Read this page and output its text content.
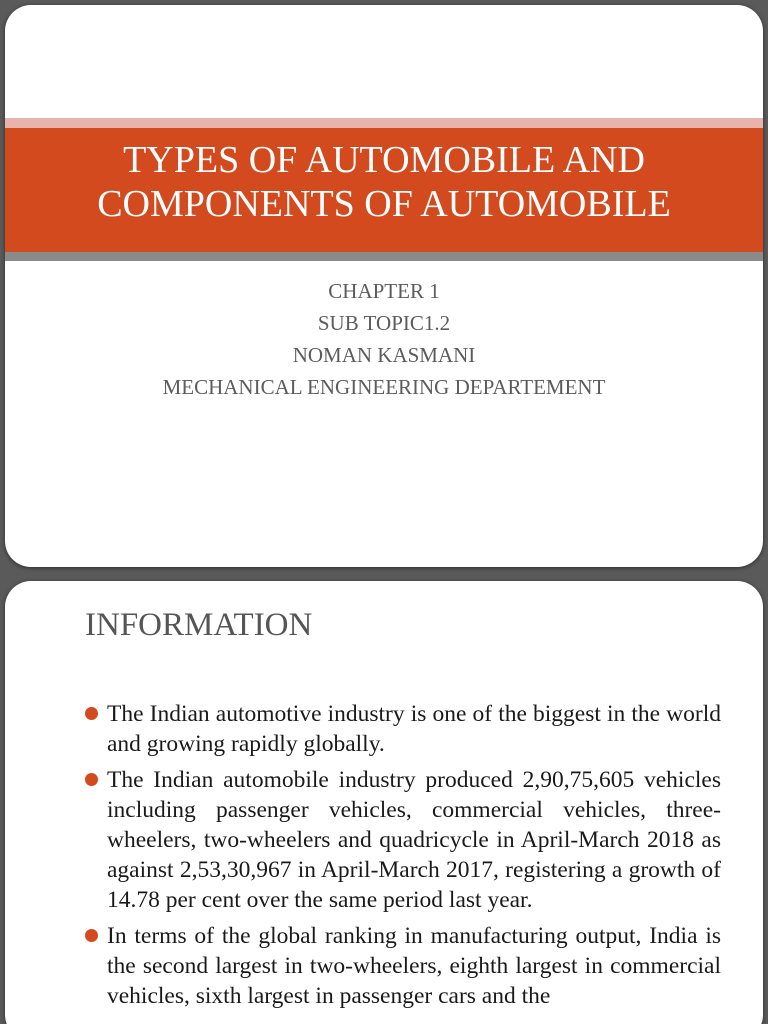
TYPES OF AUTOMOBILE AND
COMPONENTS OF AUTOMOBILE
CHAPTER 1
SUB TOPIC1.2
NOMAN KASMANI
MECHANICAL ENGINEERING DEPARTEMENT
INFORMATION
The Indian automotive industry is one of the biggest in the world and growing rapidly globally.
The Indian automobile industry produced 2,90,75,605 vehicles including passenger vehicles, commercial vehicles, three-wheelers, two-wheelers and quadricycle in April-March 2018 as against 2,53,30,967 in April-March 2017, registering a growth of 14.78 per cent over the same period last year.
In terms of the global ranking in manufacturing output, India is the second largest in two-wheelers, eighth largest in commercial vehicles, sixth largest in passenger cars and the
